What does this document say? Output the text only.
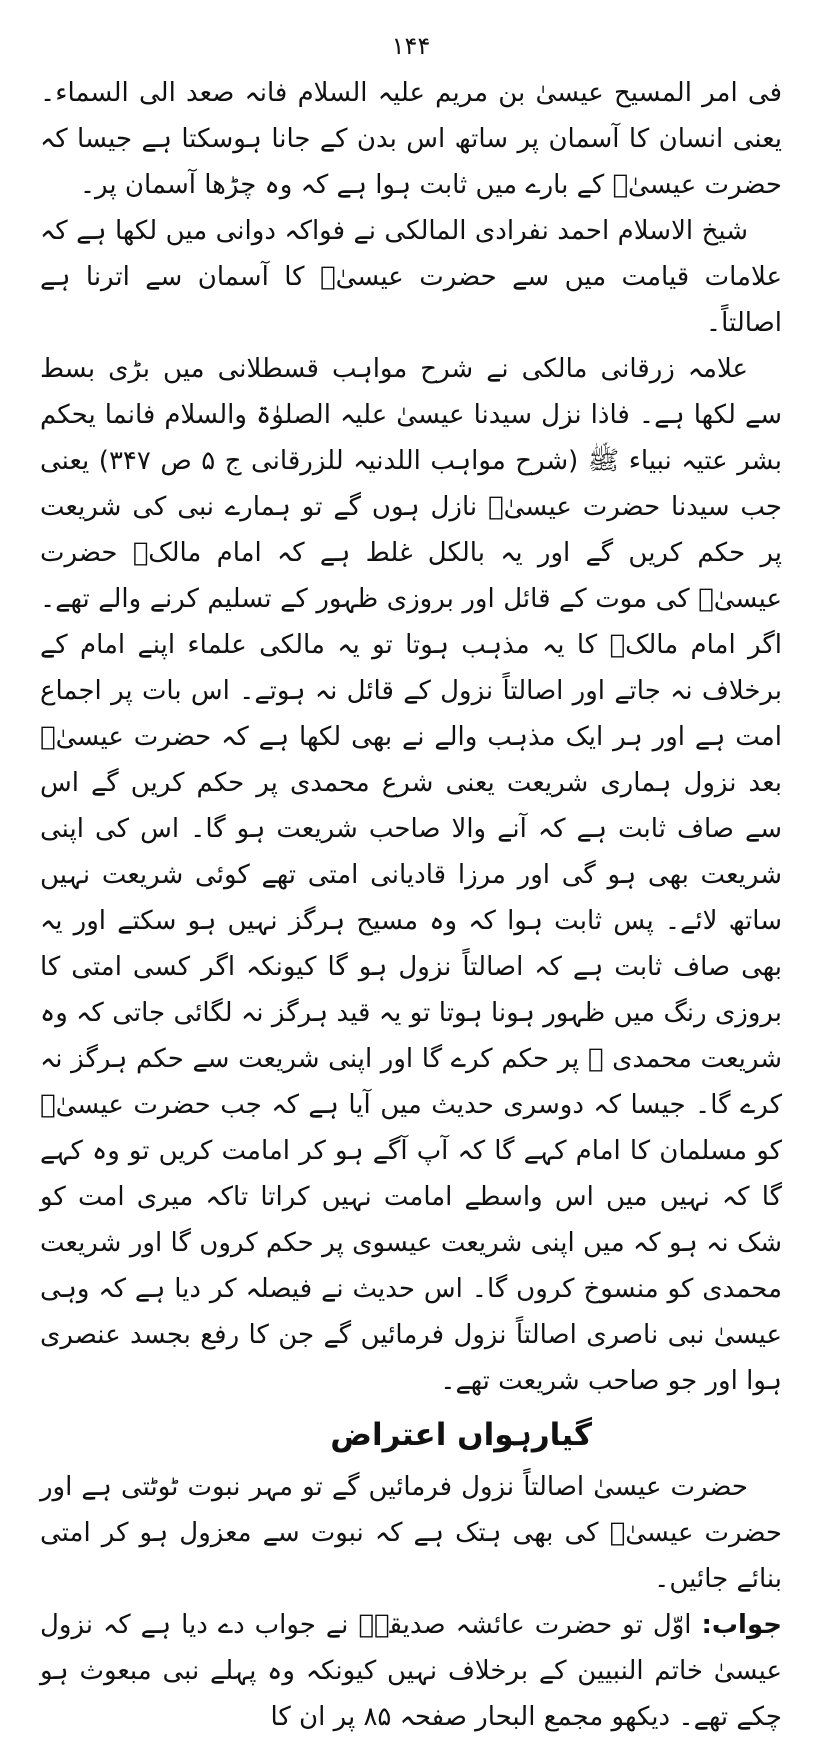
۱۴۴

فی امر المسیح عیسیٰ بن مریم علیہ السلام فانہ صعد الی السماء۔ یعنی انسان کا آسمان پر ساتھ اس بدن کے جانا ہوسکتا ہے جیسا کہ حضرت عیسیٰؑ کے بارے میں ثابت ہوا ہے کہ وہ چڑھا آسمان پر۔

شیخ الاسلام احمد نفرادی المالکی نے فواکہ دوانی میں لکھا ہے کہ علامات قیامت میں سے حضرت عیسیٰؑ کا آسمان سے اترنا ہے اصالتاً۔

علامہ زرقانی مالکی نے شرح مواہب قسطلانی میں بڑی بسط سے لکھا ہے۔ فاذا نزل سیدنا عیسیٰ علیہ الصلوٰۃ والسلام فانما یحکم بشر عتیہ نبیاء ﷺ (شرح مواہب اللدنیہ للزرقانی ج ۵ ص ۳۴۷) یعنی جب سیدنا حضرت عیسیٰؑ نازل ہوں گے تو ہمارے نبی کی شریعت پر حکم کریں گے اور یہ بالکل غلط ہے کہ امام مالکؒ حضرت عیسیٰؑ کی موت کے قائل اور بروزی ظہور کے تسلیم کرنے والے تھے۔ اگر امام مالکؒ کا یہ مذہب ہوتا تو یہ مالکی علماء اپنے امام کے برخلاف نہ جاتے اور اصالتاً نزول کے قائل نہ ہوتے۔ اس بات پر اجماع امت ہے اور ہر ایک مذہب والے نے بھی لکھا ہے کہ حضرت عیسیٰؑ بعد نزول ہماری شریعت یعنی شرع محمدی پر حکم کریں گے اس سے صاف ثابت ہے کہ آنے والا صاحب شریعت ہو گا۔ اس کی اپنی شریعت بھی ہو گی اور مرزا قادیانی امتی تھے کوئی شریعت نہیں ساتھ لائے۔ پس ثابت ہوا کہ وہ مسیح ہرگز نہیں ہو سکتے اور یہ بھی صاف ثابت ہے کہ اصالتاً نزول ہو گا کیونکہ اگر کسی امتی کا بروزی رنگ میں ظہور ہونا ہوتا تو یہ قید ہرگز نہ لگائی جاتی کہ وہ شریعت محمدی ﷺ پر حکم کرے گا اور اپنی شریعت سے حکم ہرگز نہ کرے گا۔ جیسا کہ دوسری حدیث میں آیا ہے کہ جب حضرت عیسیٰؑ کو مسلمان کا امام کہے گا کہ آپ آگے ہو کر امامت کریں تو وہ کہے گا کہ نہیں میں اس واسطے امامت نہیں کراتا تاکہ میری امت کو شک نہ ہو کہ میں اپنی شریعت عیسوی پر حکم کروں گا اور شریعت محمدی کو منسوخ کروں گا۔ اس حدیث نے فیصلہ کر دیا ہے کہ وہی عیسیٰ نبی ناصری اصالتاً نزول فرمائیں گے جن کا رفع بجسد عنصری ہوا اور جو صاحب شریعت تھے۔

گیارہواں اعتراض

حضرت عیسیٰ اصالتاً نزول فرمائیں گے تو مہر نبوت ٹوٹتی ہے اور حضرت عیسیٰؑ کی بھی ہتک ہے کہ نبوت سے معزول ہو کر امتی بنائے جائیں۔

جواب: اوّل تو حضرت عائشہ صدیقہؓ نے جواب دے دیا ہے کہ نزول عیسیٰ خاتم النبیین کے برخلاف نہیں کیونکہ وہ پہلے نبی مبعوث ہو چکے تھے۔ دیکھو مجمع البحار صفحہ ۸۵ پر ان کا
